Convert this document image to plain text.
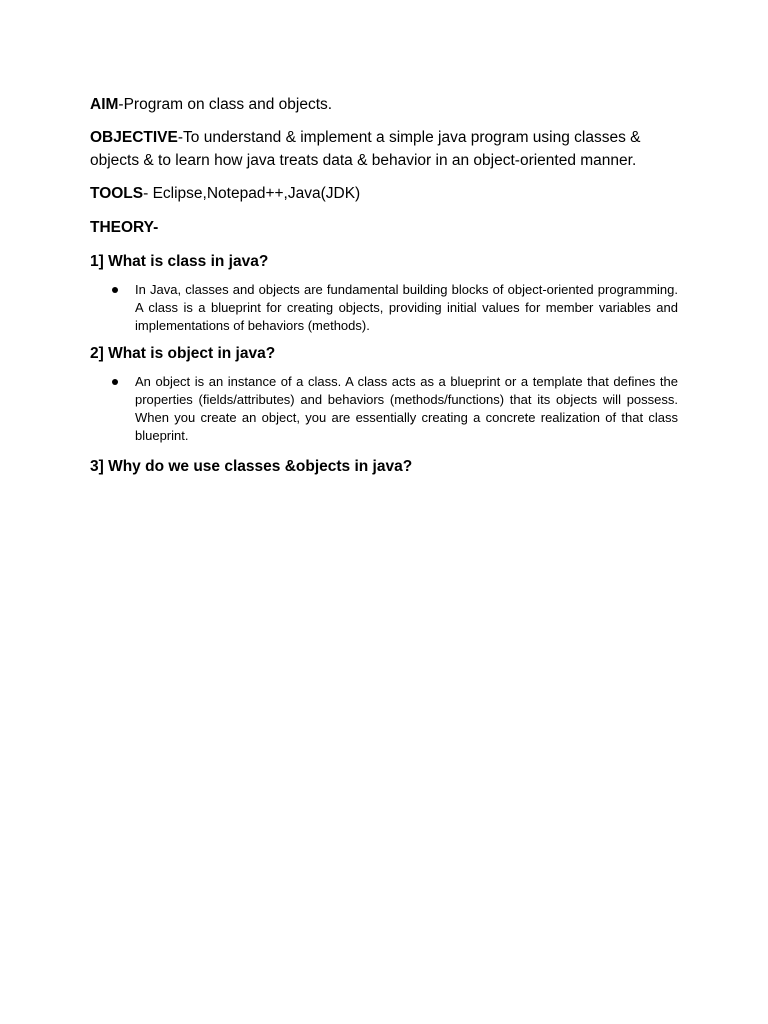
AIM-Program on class and objects.

OBJECTIVE-To understand & implement a simple java program using classes & objects & to learn how java treats data & behavior in an object-oriented manner.

TOOLS- Eclipse,Notepad++,Java(JDK)

THEORY-

1] What is class in java?

In Java, classes and objects are fundamental building blocks of object-oriented programming. A class is a blueprint for creating objects, providing initial values for member variables and implementations of behaviors (methods).

2] What is object in java?

An object is an instance of a class. A class acts as a blueprint or a template that defines the properties (fields/attributes) and behaviors (methods/functions) that its objects will possess. When you create an object, you are essentially creating a concrete realization of that class blueprint.

3] Why do we use classes &objects in java?
